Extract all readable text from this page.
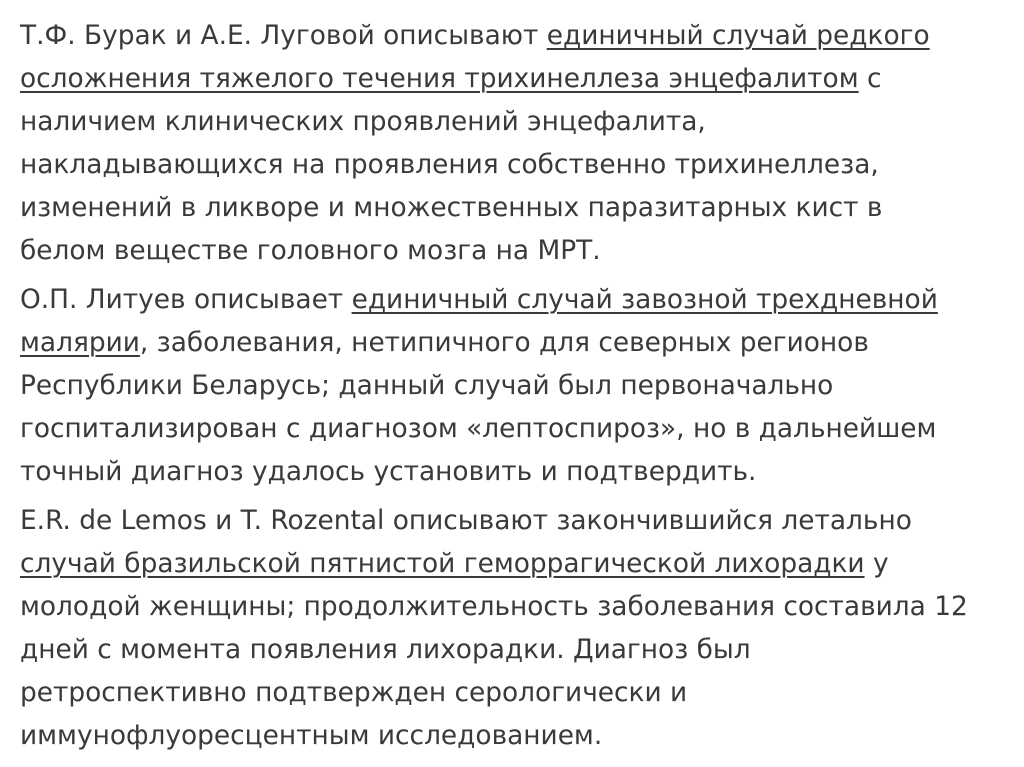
Т.Ф. Бурак и А.Е. Луговой описывают единичный случай редкого
осложнения тяжелого течения трихинеллеза энцефалитом с
наличием клинических проявлений энцефалита,
накладывающихся на проявления собственно трихинеллеза,
изменений в ликворе и множественных паразитарных кист в
белом веществе головного мозга на МРТ.
О.П. Литуев описывает единичный случай завозной трехдневной
малярии, заболевания, нетипичного для северных регионов
Республики Беларусь; данный случай был первоначально
госпитализирован с диагнозом «лептоспироз», но в дальнейшем
точный диагноз удалось установить и подтвердить.
E.R. de Lemos и T. Rozental описывают закончившийся летально
случай бразильской пятнистой геморрагической лихорадки у
молодой женщины; продолжительность заболевания составила 12
дней с момента появления лихорадки. Диагноз был
ретроспективно подтвержден серологически и
иммунофлуоресцентным исследованием.
